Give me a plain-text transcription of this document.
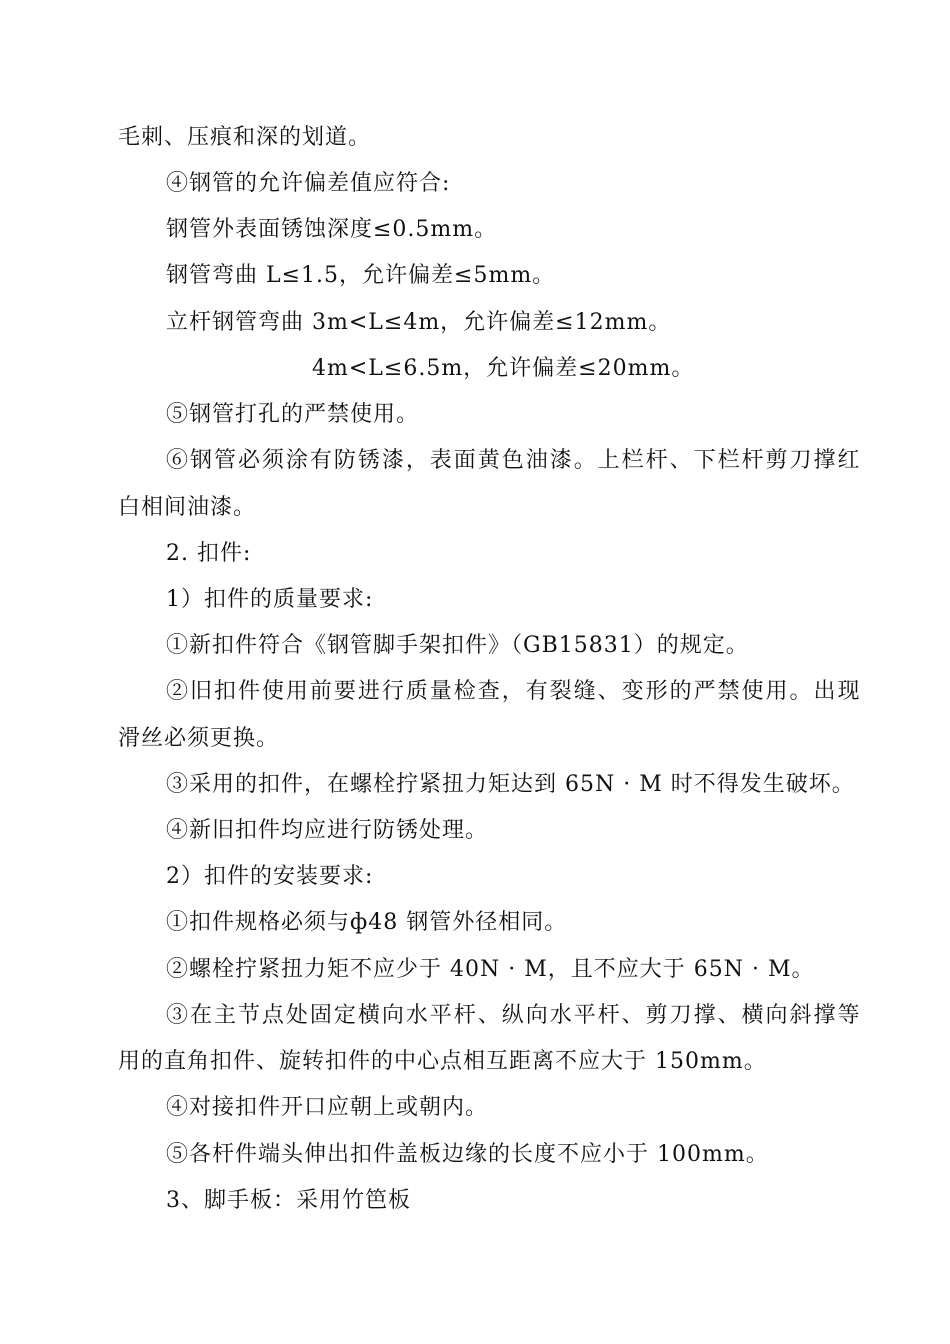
毛刺、压痕和深的划道。
④钢管的允许偏差值应符合:
钢管外表面锈蚀深度≤0.5mm。
钢管弯曲 L≤1.5，允许偏差≤5mm。
立杆钢管弯曲 3m<L≤4m，允许偏差≤12mm。
4m<L≤6.5m，允许偏差≤20mm。
⑤钢管打孔的严禁使用。
⑥钢管必须涂有防锈漆，表面黄色油漆。上栏杆、下栏杆剪刀撑红
白相间油漆。
2. 扣件:
1）扣件的质量要求:
①新扣件符合《钢管脚手架扣件》（GB15831）的规定。
②旧扣件使用前要进行质量检查，有裂缝、变形的严禁使用。出现
滑丝必须更换。
③采用的扣件，在螺栓拧紧扭力矩达到 65N · M 时不得发生破坏。
④新旧扣件均应进行防锈处理。
2）扣件的安装要求:
①扣件规格必须与ф48 钢管外径相同。
②螺栓拧紧扭力矩不应少于 40N · M，且不应大于 65N · M。
③在主节点处固定横向水平杆、纵向水平杆、剪刀撑、横向斜撑等
用的直角扣件、旋转扣件的中心点相互距离不应大于 150mm。
④对接扣件开口应朝上或朝内。
⑤各杆件端头伸出扣件盖板边缘的长度不应小于 100mm。
3、脚手板：采用竹笆板
